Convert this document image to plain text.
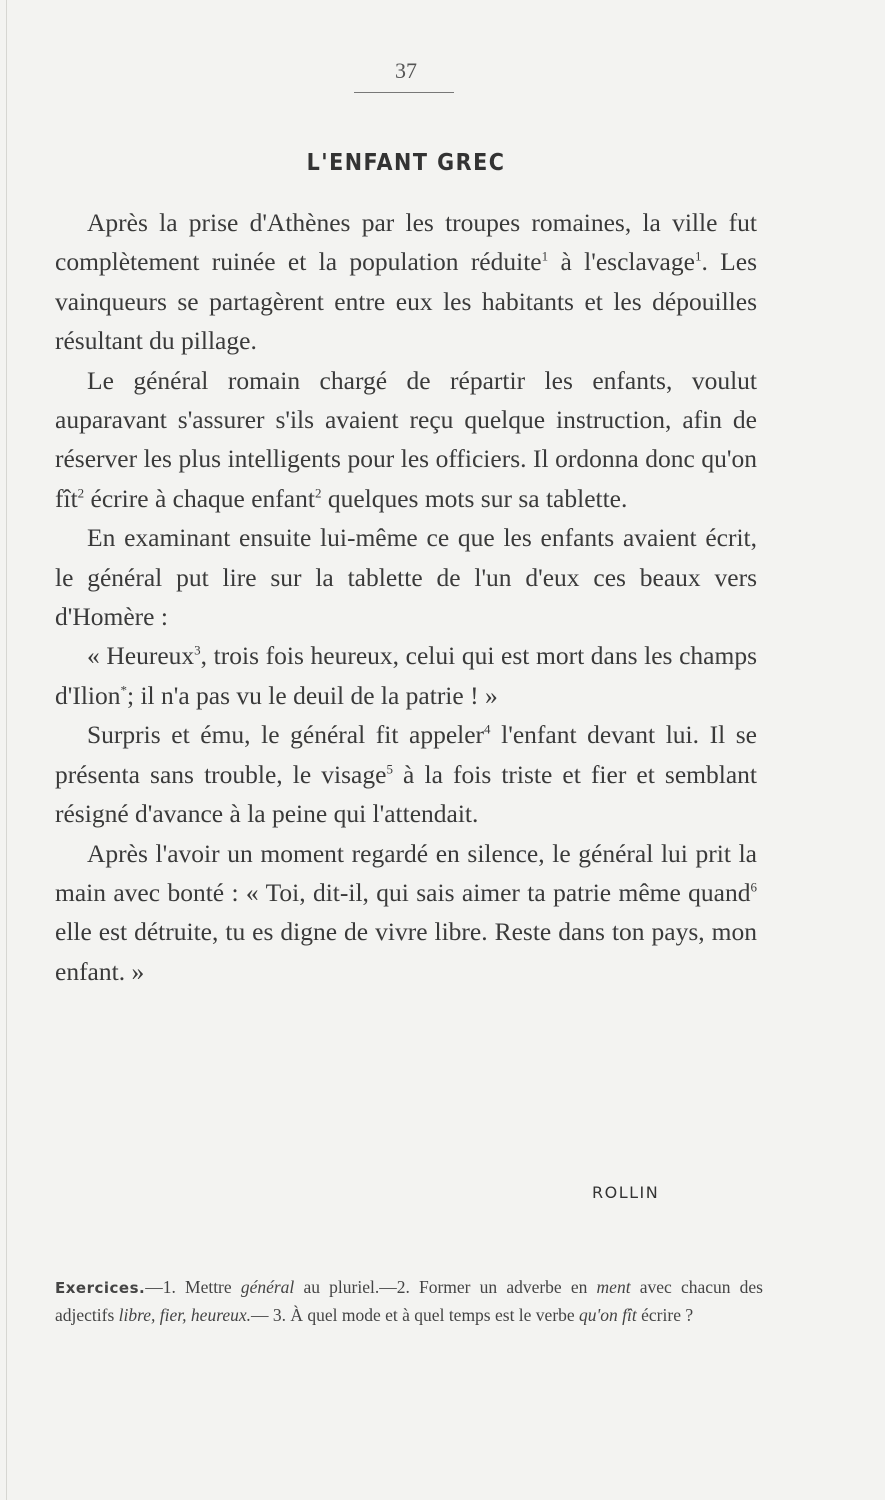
37
L'ENFANT GREC

Après la prise d'Athènes par les troupes romaines, la ville fut complètement ruinée et la population réduite$^1$ à l'esclavage$^1$. Les vainqueurs se partagèrent entre eux les habitants et les dépouilles résultant du pillage.

Le général romain chargé de répartir les enfants, voulut auparavant s'assurer s'ils avaient reçu quelque instruction, afin de réserver les plus intelligents pour les officiers. Il ordonna donc qu'on fît$^2$ écrire à chaque enfant$^2$ quelques mots sur sa tablette.

En examinant ensuite lui-même ce que les enfants avaient écrit, le général put lire sur la tablette de l'un d'eux ces beaux vers d'Homère :

« Heureux$^3$, trois fois heureux, celui qui est mort dans les champs d'Ilion*; il n'a pas vu le deuil de la patrie ! »

Surpris et ému, le général fit appeler$^4$ l'enfant devant lui. Il se présenta sans trouble, le visage$^5$ à la fois triste et fier et semblant résigné d'avance à la peine qui l'attendait.

Après l'avoir un moment regardé en silence, le général lui prit la main avec bonté : « Toi, dit-il, qui sais aimer ta patrie même quand$^6$ elle est détruite, tu es digne de vivre libre. Reste dans ton pays, mon enfant. »

ROLLIN
Exercices.—1. Mettre général au pluriel.—2. Former un adverbe en ment avec chacun des adjectifs libre, fier, heureux.— 3. À quel mode et à quel temps est le verbe qu'on fît écrire ?
